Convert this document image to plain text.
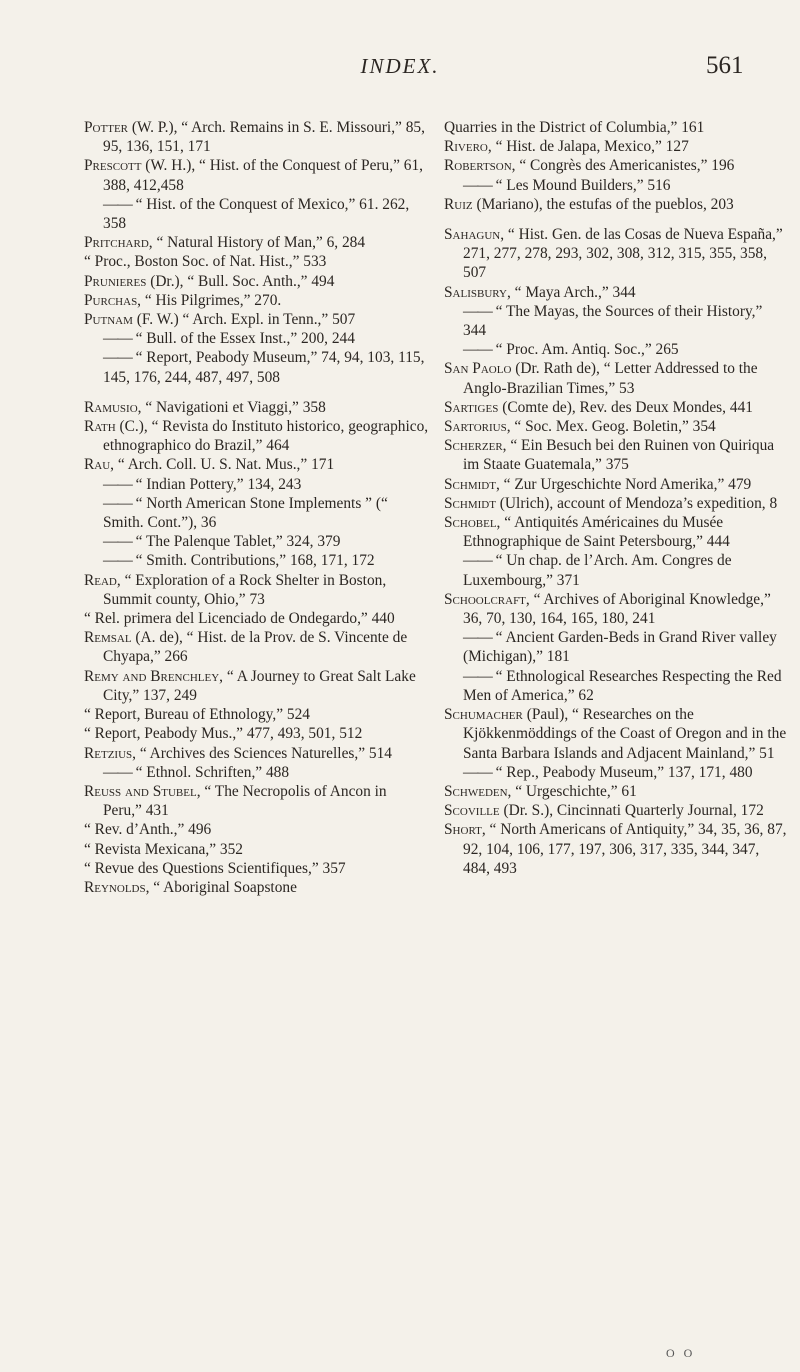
INDEX.	561
Potter (W. P.), “ Arch. Remains in S. E. Missouri,” 85, 95, 136, 151, 171
Prescott (W. H.), “ Hist. of the Conquest of Peru,” 61, 388, 412,458
—— “ Hist. of the Conquest of Mexico,” 61. 262, 358
Pritchard, “ Natural History of Man,” 6, 284
“ Proc., Boston Soc. of Nat. Hist.,” 533
Prunieres (Dr.), “ Bull. Soc. Anth.,” 494
Purchas, “ His Pilgrimes,” 270.
Putnam (F. W.) “ Arch. Expl. in Tenn.,” 507
—— “ Bull. of the Essex Inst.,” 200, 244
—— “ Report, Peabody Museum,” 74, 94, 103, 115, 145, 176, 244, 487, 497, 508
Ramusio, “ Navigationi et Viaggi,” 358
Rath (C.), “ Revista do Instituto historico, geographico, ethnographico do Brazil,” 464
Rau, “ Arch. Coll. U. S. Nat. Mus.,” 171
—— “ Indian Pottery,” 134, 243
—— “ North American Stone Implements ” (“ Smith. Cont.”), 36
—— “ The Palenque Tablet,” 324, 379
—— “ Smith. Contributions,” 168, 171, 172
Read, “ Exploration of a Rock Shelter in Boston, Summit county, Ohio,” 73
“ Rel. primera del Licenciado de Ondegardo,” 440
Remsal (A. de), “ Hist. de la Prov. de S. Vincente de Chyapa,” 266
Remy and Brenchley, “ A Journey to Great Salt Lake City,” 137, 249
“ Report, Bureau of Ethnology,” 524
“ Report, Peabody Mus.,” 477, 493, 501, 512
Retzius, “ Archives des Sciences Naturelles,” 514
—— “ Ethnol. Schriften,” 488
Reuss and Stubel, “ The Necropolis of Ancon in Peru,” 431
“ Rev. d’Anth.,” 496
“ Revista Mexicana,” 352
“ Revue des Questions Scientifiques,” 357
Reynolds, “ Aboriginal Soapstone
Quarries in the District of Columbia,” 161
Rivero, “ Hist. de Jalapa, Mexico,” 127
Robertson, “ Congrès des Americanistes,” 196
—— “ Les Mound Builders,” 516
Ruiz (Mariano), the estufas of the pueblos, 203
Sahagun, “ Hist. Gen. de las Cosas de Nueva España,” 271, 277, 278, 293, 302, 308, 312, 315, 355, 358, 507
Salisbury, “ Maya Arch.,” 344
—— “ The Mayas, the Sources of their History,” 344
—— “ Proc. Am. Antiq. Soc.,” 265
San Paolo (Dr. Rath de), “ Letter Addressed to the Anglo-Brazilian Times,” 53
Sartiges (Comte de), Rev. des Deux Mondes, 441
Sartorius, “ Soc. Mex. Geog. Boletin,” 354
Scherzer, “ Ein Besuch bei den Ruinen von Quiriqua im Staate Guatemala,” 375
Schmidt, “ Zur Urgeschichte Nord Amerika,” 479
Schmidt (Ulrich), account of Mendoza’s expedition, 8
Schobel, “ Antiquités Américaines du Musée Ethnographique de Saint Petersbourg,” 444
—— “ Un chap. de l’Arch. Am. Congres de Luxembourg,” 371
Schoolcraft, “ Archives of Aboriginal Knowledge,” 36, 70, 130, 164, 165, 180, 241
—— “ Ancient Garden-Beds in Grand River valley (Michigan),” 181
—— “ Ethnological Researches Respecting the Red Men of America,” 62
Schumacher (Paul), “ Researches on the Kjökkenmöddings of the Coast of Oregon and in the Santa Barbara Islands and Adjacent Mainland,” 51
—— “ Rep., Peabody Museum,” 137, 171, 480
Schweden, “ Urgeschichte,” 61
Scoville (Dr. S.), Cincinnati Quarterly Journal, 172
Short, “ North Americans of Antiquity,” 34, 35, 36, 87, 92, 104, 106, 177, 197, 306, 317, 335, 344, 347, 484, 493
O O
